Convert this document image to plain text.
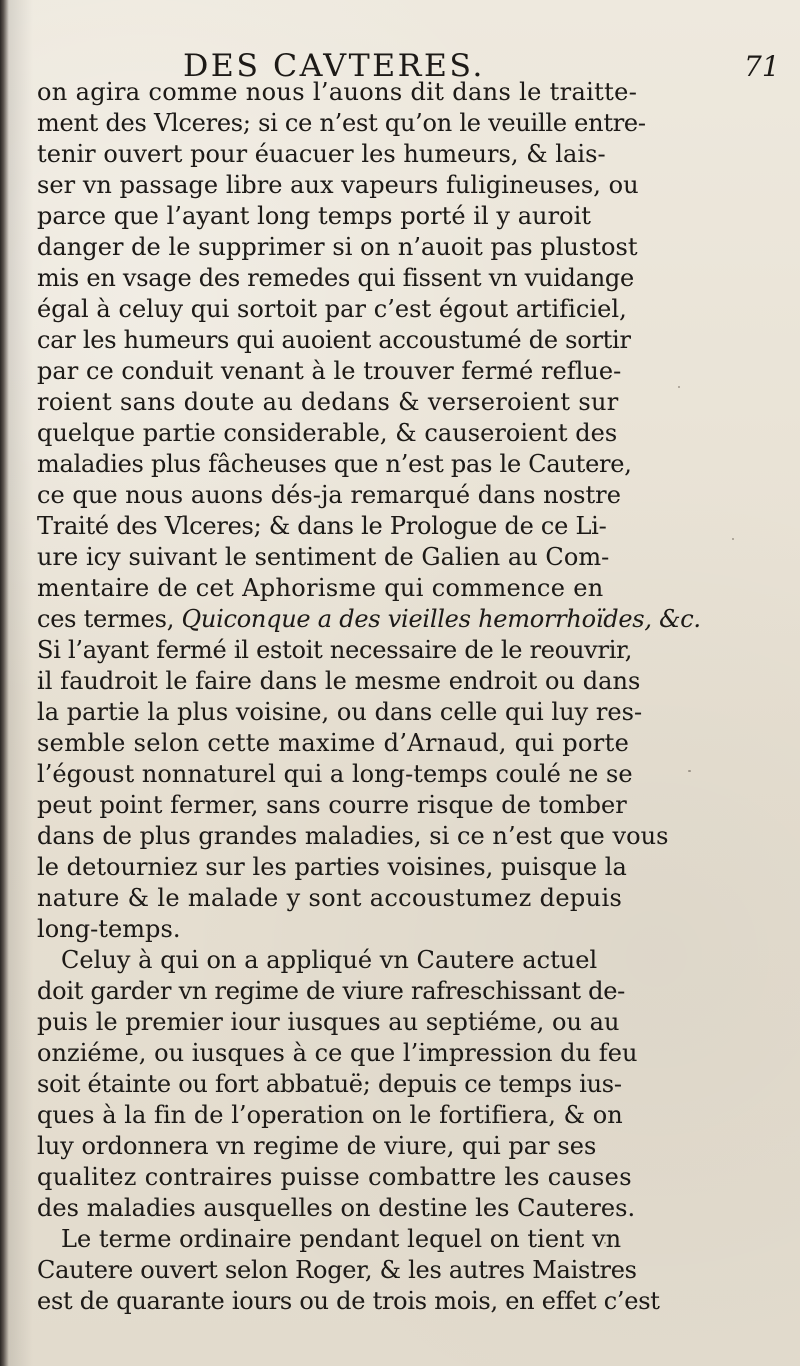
DES CAVTERES.	71
on agira comme nous l’auons dit dans le traitte-
ment des Vlceres; si ce n’est qu’on le veuille entre-
tenir ouvert pour éuacuer les humeurs, & lais-
ser vn passage libre aux vapeurs fuligineuses, ou
parce que l’ayant long temps porté il y auroit
danger de le supprimer si on n’auoit pas plustost
mis en vsage des remedes qui fissent vn vuidange
égal à celuy qui sortoit par c’est égout artificiel,
car les humeurs qui auoient accoustumé de sortir
par ce conduit venant à le trouver fermé reflue-
roient sans doute au dedans & verseroient sur
quelque partie considerable, & causeroient des
maladies plus fâcheuses que n’est pas le Cautere,
ce que nous auons dés-ja remarqué dans nostre
Traité des Vlceres; & dans le Prologue de ce Li-
ure icy suivant le sentiment de Galien au Com-
mentaire de cet Aphorisme qui commence en
ces termes, Quiconque a des vieilles hemorrhoïdes, &c.
Si l’ayant fermé il estoit necessaire de le reouvrir,
il faudroit le faire dans le mesme endroit ou dans
la partie la plus voisine, ou dans celle qui luy res-
semble selon cette maxime d’Arnaud, qui porte
l’égoust nonnaturel qui a long-temps coulé ne se
peut point fermer, sans courre risque de tomber
dans de plus grandes maladies, si ce n’est que vous
le detourniez sur les parties voisines, puisque la
nature & le malade y sont accoustumez depuis
long-temps.
Celuy à qui on a appliqué vn Cautere actuel
doit garder vn regime de viure rafreschissant de-
puis le premier iour iusques au septiéme, ou au
onziéme, ou iusques à ce que l’impression du feu
soit étainte ou fort abbatuë; depuis ce temps ius-
ques à la fin de l’operation on le fortifiera, & on
luy ordonnera vn regime de viure, qui par ses
qualitez contraires puisse combattre les causes
des maladies ausquelles on destine les Cauteres.
Le terme ordinaire pendant lequel on tient vn
Cautere ouvert selon Roger, & les autres Maistres
est de quarante iours ou de trois mois, en effet c’est
